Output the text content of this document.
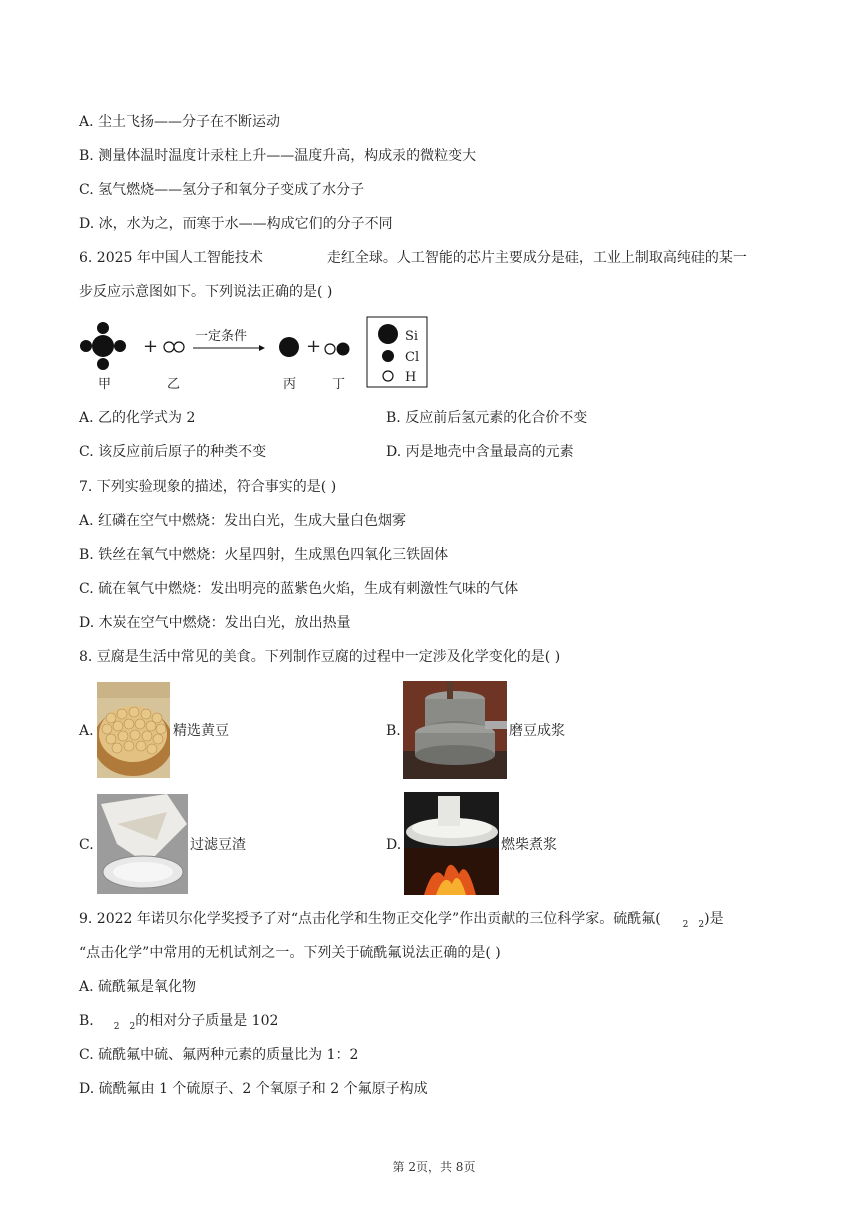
A. 尘土飞扬——分子在不断运动
B. 测量体温时温度计汞柱上升——温度升高，构成汞的微粒变大
C. 氢气燃烧——氢分子和氧分子变成了水分子
D. 冰，水为之，而寒于水——构成它们的分子不同
6. 2025 年中国人工智能技术	走红全球。人工智能的芯片主要成分是硅，工业上制取高纯硅的某一
步反应示意图如下。下列说法正确的是( )
+	一定条件	+
甲	乙	丙	丁
Si
Cl
H
A. 乙的化学式为 2	B. 反应前后氢元素的化合价不变
C. 该反应前后原子的种类不变	D. 丙是地壳中含量最高的元素
7. 下列实验现象的描述，符合事实的是( )
A. 红磷在空气中燃烧：发出白光，生成大量白色烟雾
B. 铁丝在氧气中燃烧：火星四射，生成黑色四氧化三铁固体
C. 硫在氧气中燃烧：发出明亮的蓝紫色火焰，生成有刺激性气味的气体
D. 木炭在空气中燃烧：发出白光，放出热量
8. 豆腐是生活中常见的美食。下列制作豆腐的过程中一定涉及化学变化的是( )
A.	精选黄豆	B.	磨豆成浆
C.	过滤豆渣	D.	燃柴煮浆
9. 2022 年诺贝尔化学奖授予了对“点击化学和生物正交化学”作出贡献的三位科学家。硫酰氟( $_2$ $_2$)是
“点击化学”中常用的无机试剂之一。下列关于硫酰氟说法正确的是( )
A. 硫酰氟是氧化物
B. $_2$ $_2$的相对分子质量是 102
C. 硫酰氟中硫、氟两种元素的质量比为 1：2
D. 硫酰氟由 1 个硫原子、2 个氧原子和 2 个氟原子构成
第 2页，共 8页
